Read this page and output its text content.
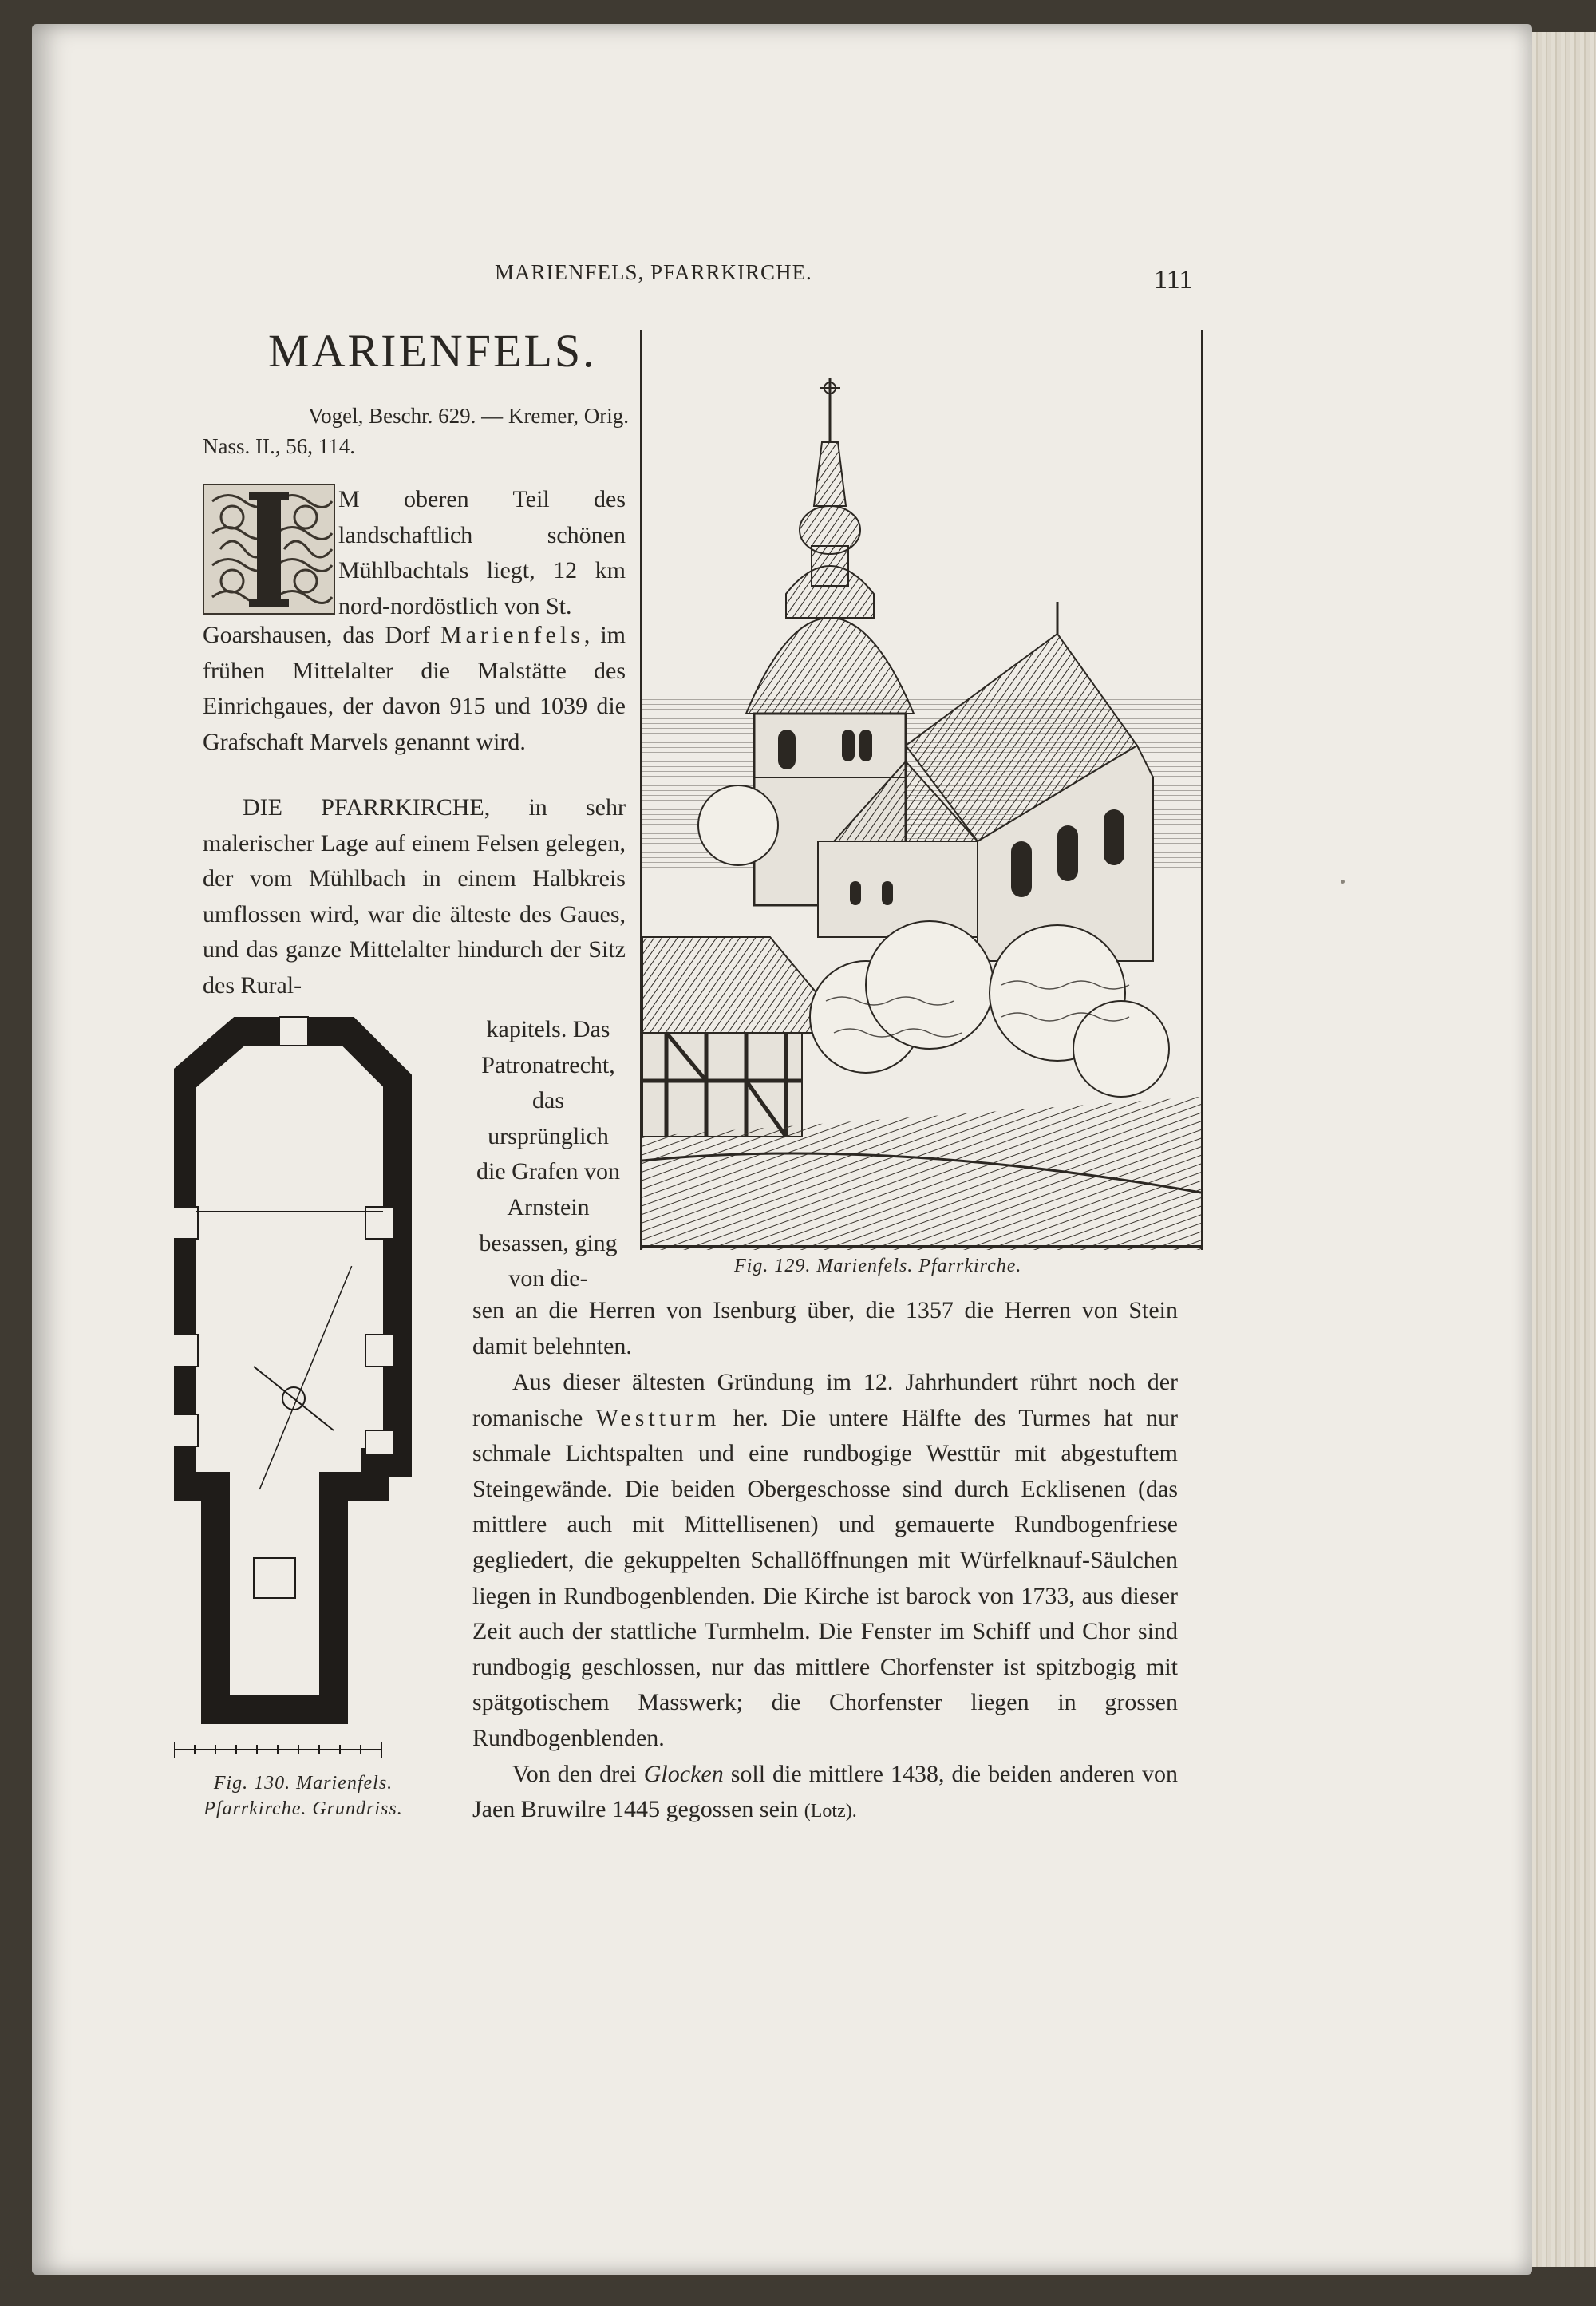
MARIENFELS, PFARRKIRCHE.	111
MARIENFELS.
Vogel, Beschr. 629. — Kremer, Orig.
Nass. II., 56, 114.
M oberen Teil des landschaftlich schönen Mühlbachtals liegt, 12 km nord-nordöstlich von St.
Goarshausen, das Dorf Marienfels, im frühen Mittelalter die Malstätte des Einrichgaues, der davon 915 und 1039 die Grafschaft Marvels genannt wird.
DIE PFARRKIRCHE, in sehr malerischer Lage auf einem Felsen gelegen, der vom Mühlbach in einem Halbkreis umflossen wird, war die älteste des Gaues, und das ganze Mittelalter hindurch der Sitz des Rural-
kapitels. Das Patronatrecht, das ursprünglich die Grafen von Arnstein besassen, ging von die-
sen an die Herren von Isenburg über, die 1357 die Herren von Stein damit belehnten.
Aus dieser ältesten Gründung im 12. Jahrhundert rührt noch der romanische Westturm her. Die untere Hälfte des Turmes hat nur schmale Lichtspalten und eine rundbogige Westtür mit abgestuftem Steingewände. Die beiden Obergeschosse sind durch Ecklisenen (das mittlere auch mit Mittellisenen) und gemauerte Rundbogenfriese gegliedert, die gekuppelten Schallöffnungen mit Würfelknauf-Säulchen liegen in Rundbogenblenden. Die Kirche ist barock von 1733, aus dieser Zeit auch der stattliche Turmhelm. Die Fenster im Schiff und Chor sind rundbogig geschlossen, nur das mittlere Chorfenster ist spitzbogig mit spätgotischem Masswerk; die Chorfenster liegen in grossen Rundbogenblenden.
Von den drei Glocken soll die mittlere 1438, die beiden anderen von Jaen Bruwilre 1445 gegossen sein (Lotz).
Fig. 129. Marienfels. Pfarrkirche.
Fig. 130. Marienfels.
Pfarrkirche. Grundriss.
